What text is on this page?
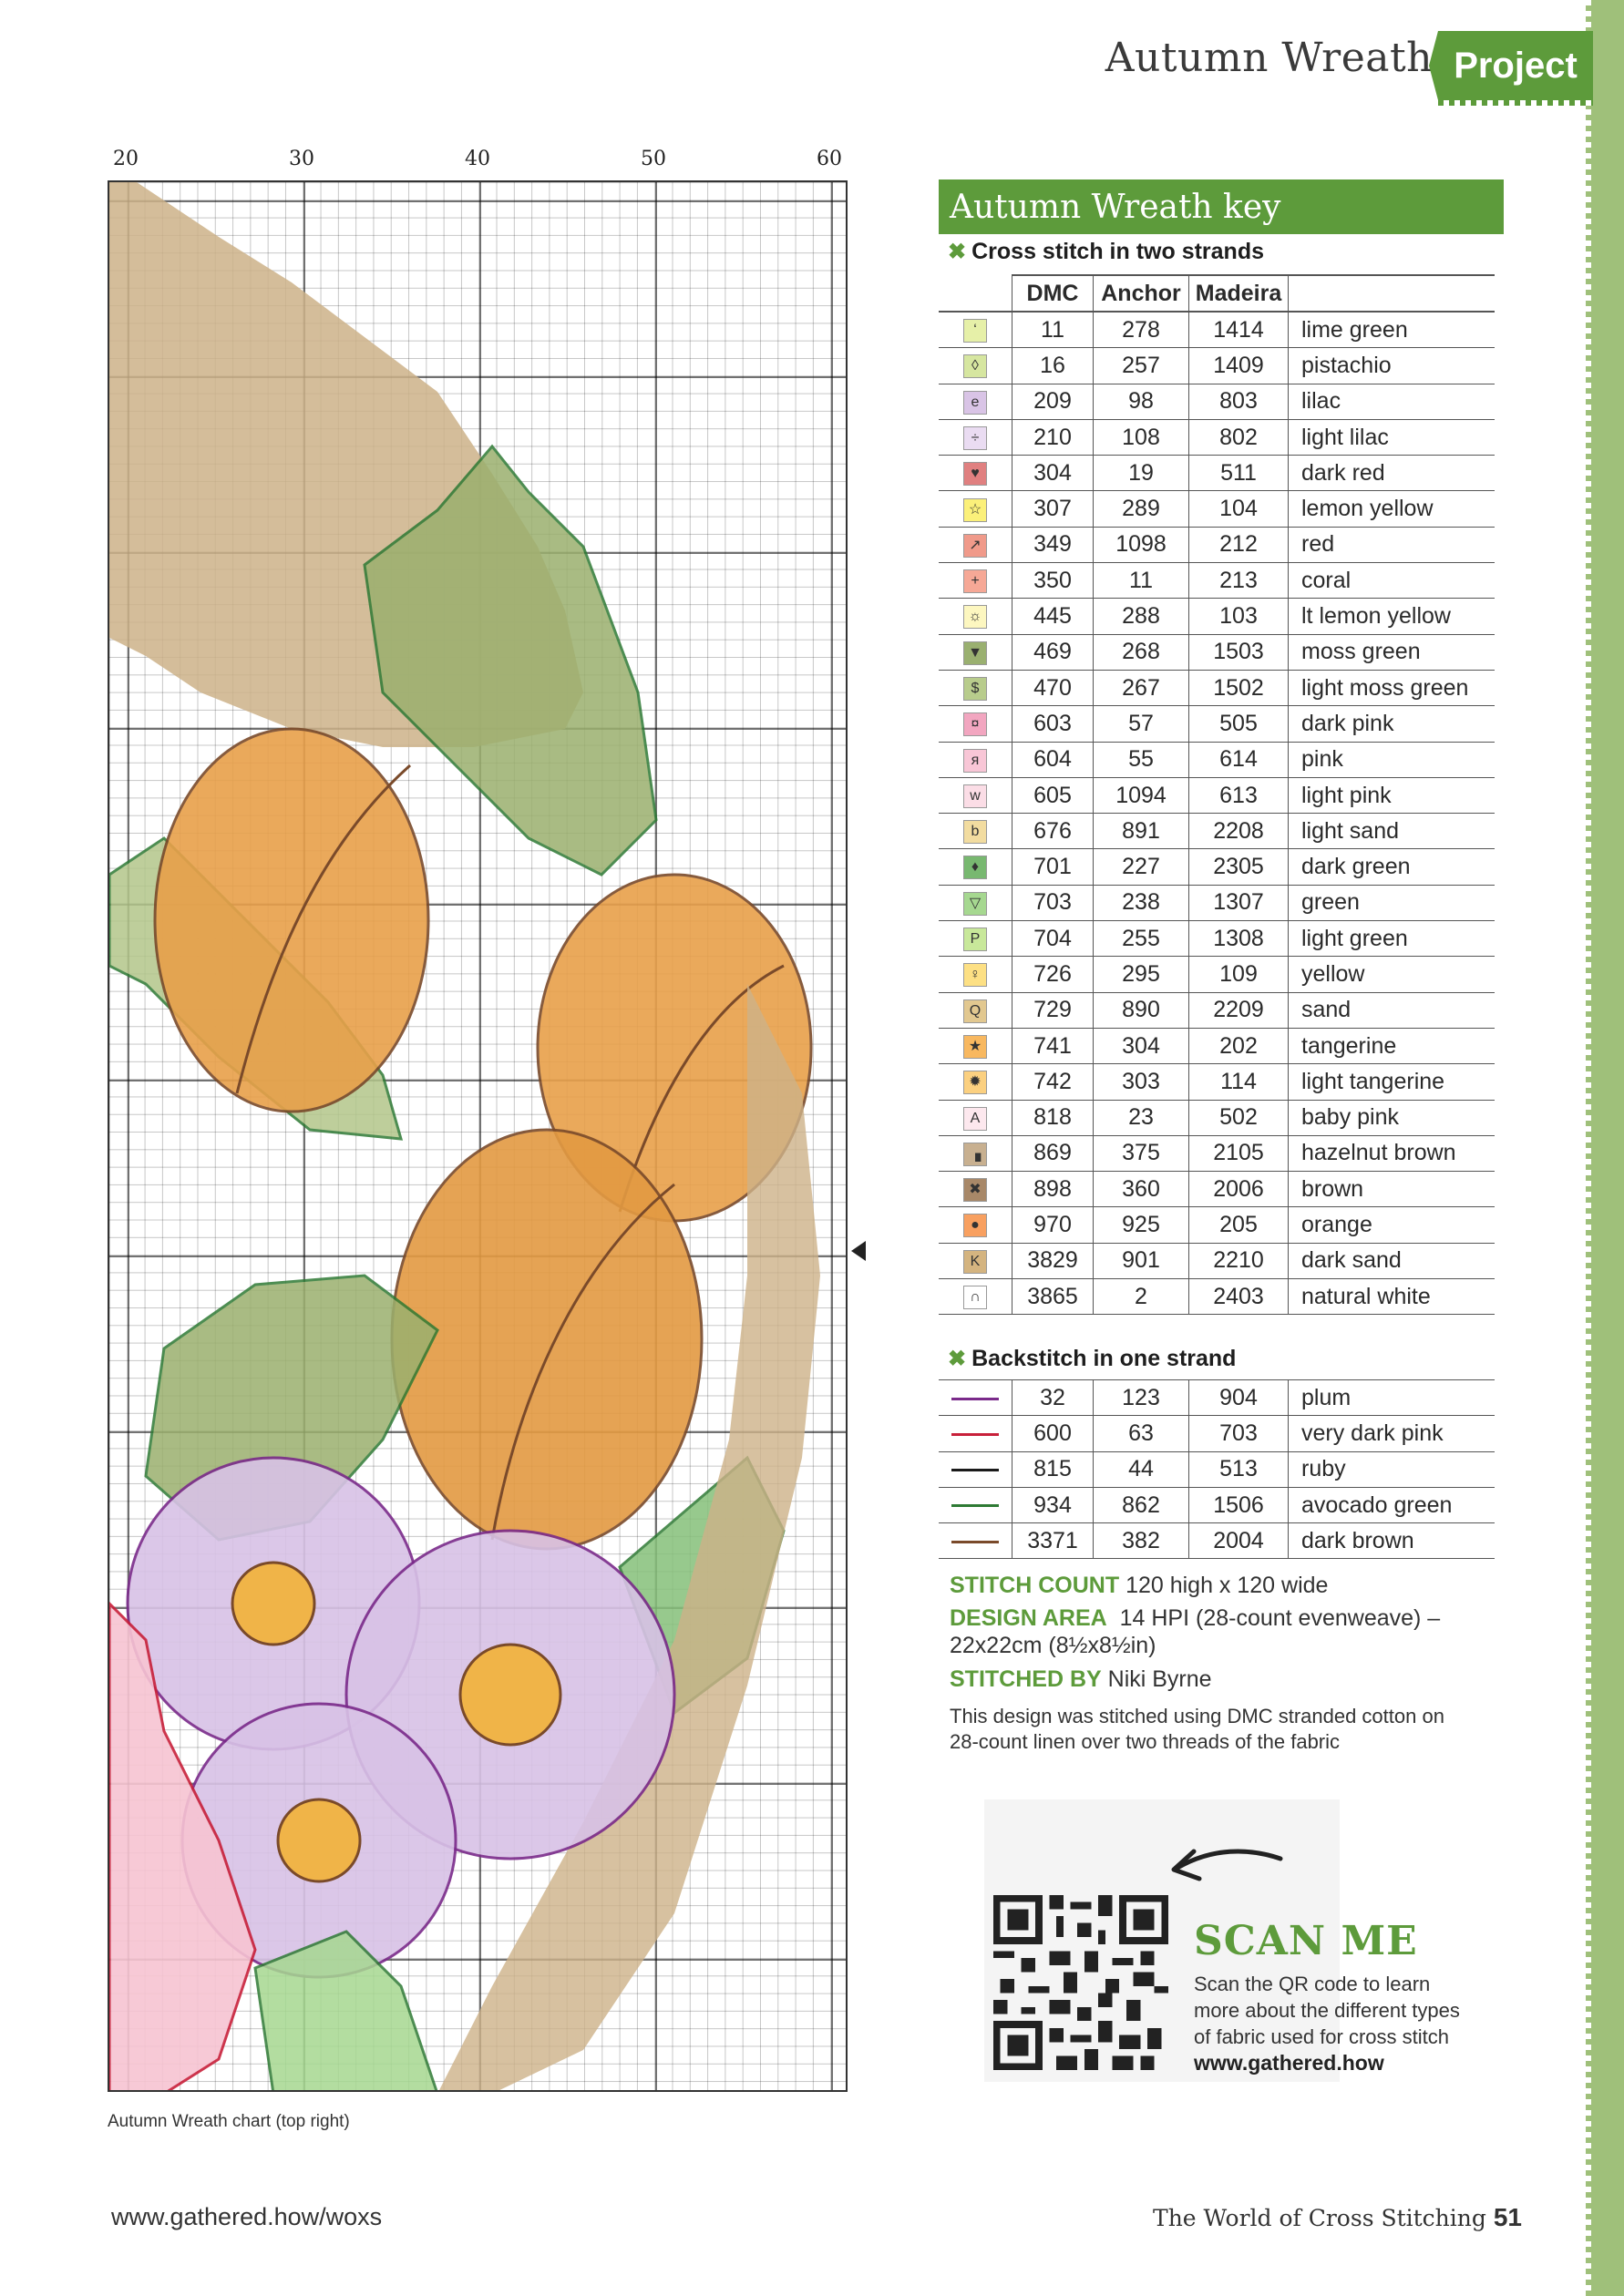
Autumn Wreath Project
20	30	40	50	60
Autumn Wreath chart (top right)
Autumn Wreath key
✖ Cross stitch in two strands
	DMC	Anchor	Madeira	
ʻ	11	278	1414	lime green
◊	16	257	1409	pistachio
e	209	98	803	lilac
÷	210	108	802	light lilac
♥	304	19	511	dark red
☆	307	289	104	lemon yellow
↗	349	1098	212	red
+	350	11	213	coral
☼	445	288	103	lt lemon yellow
▼	469	268	1503	moss green
$	470	267	1502	light moss green
¤	603	57	505	dark pink
я	604	55	614	pink
w	605	1094	613	light pink
b	676	891	2208	light sand
♦	701	227	2305	dark green
▽	703	238	1307	green
P	704	255	1308	light green
♀	726	295	109	yellow
Q	729	890	2209	sand
★	741	304	202	tangerine
✹	742	303	114	light tangerine
A	818	23	502	baby pink
▗	869	375	2105	hazelnut brown
✖	898	360	2006	brown
●	970	925	205	orange
K	3829	901	2210	dark sand
∩	3865	2	2403	natural white
✖ Backstitch in one strand
	32	123	904	plum
	600	63	703	very dark pink
	815	44	513	ruby
	934	862	1506	avocado green
	3371	382	2004	dark brown
STITCH COUNT 120 high x 120 wide
DESIGN AREA 14 HPI (28-count evenweave) –
22x22cm (8½x8½in)
STITCHED BY Niki Byrne
This design was stitched using DMC stranded cotton on 28-count linen over two threads of the fabric
SCAN ME
Scan the QR code to learn more about the different types of fabric used for cross stitch
www.gathered.how
www.gathered.how/woxs	The World of Cross Stitching 51
